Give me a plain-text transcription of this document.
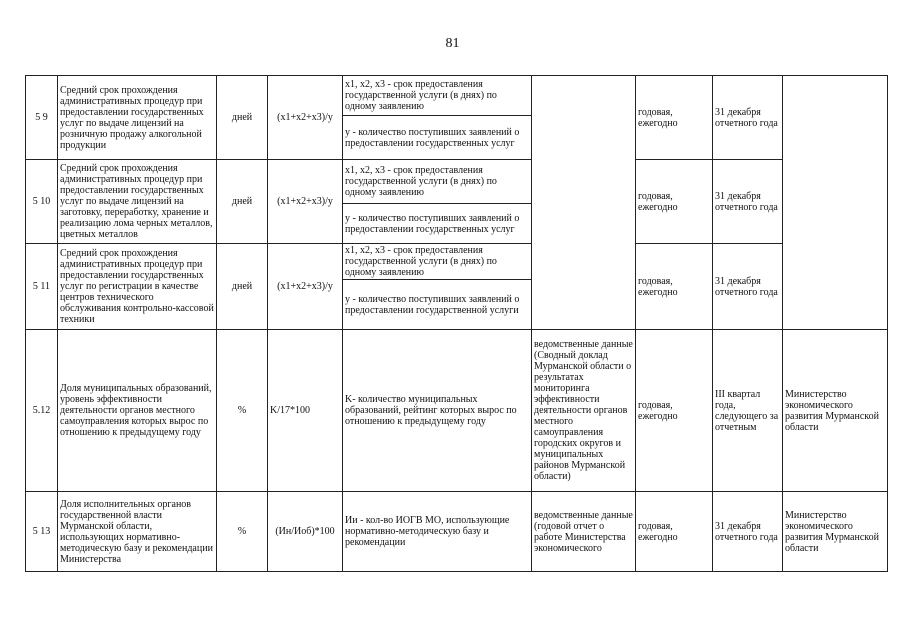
81
5 9	Средний срок прохождения административных процедур при предоставлении государственных услуг по выдаче лицензий на розничную продажу алкогольной продукции	дней	(x1+x2+x3)/y	x1, x2, x3 - срок предоставления государственной услуги (в днях) по одному заявлению		годовая, ежегодно	31 декабря отчетного года	
				y - количество поступивших заявлений о предоставлении государственных услуг				
5 10	Средний срок прохождения административных процедур при предоставлении государственных услуг по выдаче лицензий на заготовку, переработку, хранение и реализацию лома черных металлов, цветных металлов	дней	(x1+x2+x3)/y	x1, x2, x3 - срок предоставления государственной услуги (в днях) по одному заявлению		годовая, ежегодно	31 декабря отчетного года	
				y - количество поступивших заявлений о предоставлении государственных услуг				
5 11	Средний срок прохождения административных процедур при предоставлении государственных услуг по регистрации в качестве центров технического обслуживания контрольно-кассовой техники	дней	(x1+x2+x3)/y	x1, x2, x3 - срок предоставления государственной услуги (в днях) по одному заявлению		годовая, ежегодно	31 декабря отчетного года	
				y - количество поступивших заявлений о предоставлении государственной услуги				
5.12	Доля муниципальных образований, уровень эффективности деятельности органов местного самоуправления которых вырос по отношению к предыдущему году	%	K/17*100	K- количество муниципальных образований, рейтинг которых вырос по отношению к предыдущему году	ведомственные данные (Сводный доклад Мурманской области о результатах мониторинга эффективности деятельности органов местного самоуправления городских округов и муниципальных районов Мурманской области)	годовая, ежегодно	III квартал года, следующего за отчетным	Министерство экономического развития Мурманской области
5 13	Доля исполнительных органов государственной власти Мурманской области, использующих нормативно-методическую базу и рекомендации Министерства	%	(Ин/Иоб)*100	Ии - кол-во ИОГВ МО, использующие нормативно-методическую базу и рекомендации	ведомственные данные (годовой отчет о работе Министерства экономического	годовая, ежегодно	31 декабря отчетного года	Министерство экономического развития Мурманской области
